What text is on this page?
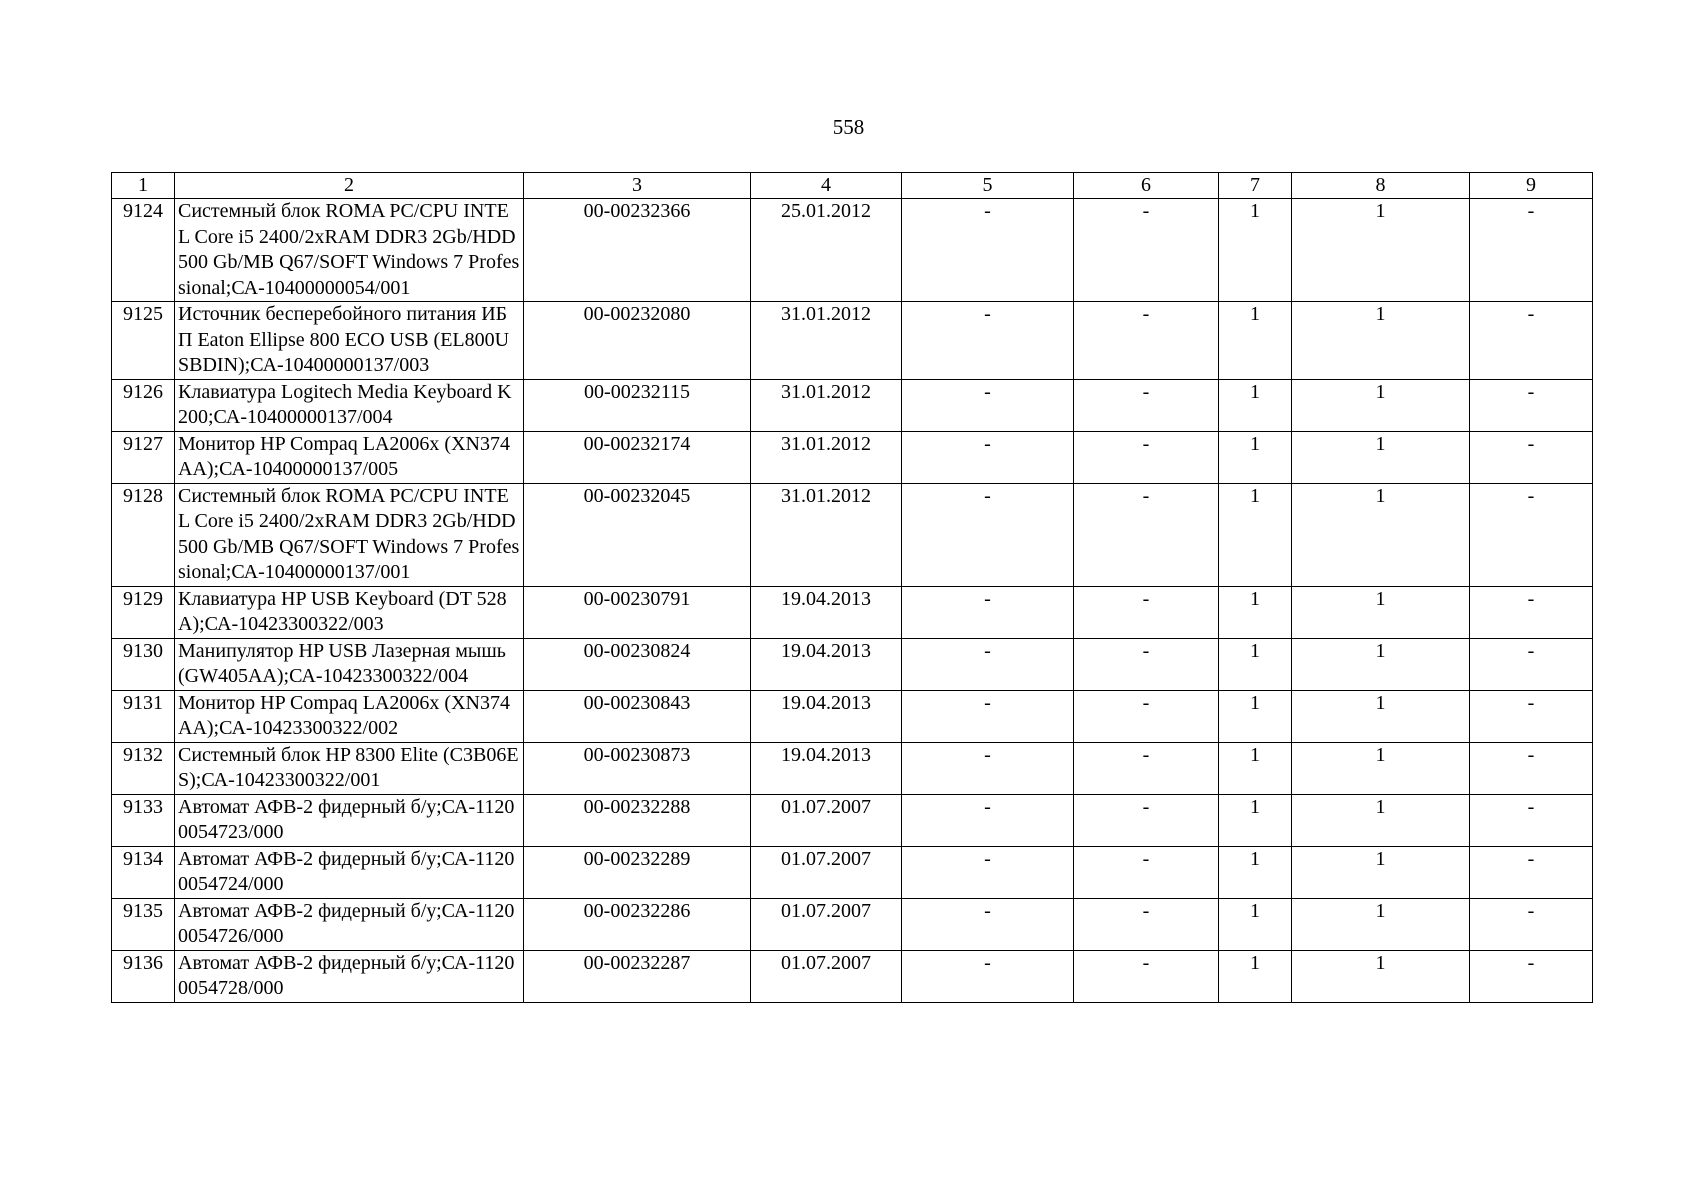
558
1	2	3	4	5	6	7	8	9
9124	Системный блок ROMA PC/CPU INTEL Core i5 2400/2xRAM DDR3 2Gb/HDD 500 Gb/MB Q67/SOFT Windows 7 Professional;СА-10400000054/001	00-00232366	25.01.2012	-	-	1	1	-
9125	Источник бесперебойного питания ИБП Eaton Ellipse 800 ECO USB (EL800USBDIN);СА-10400000137/003	00-00232080	31.01.2012	-	-	1	1	-
9126	Клавиатура Logitech Media Keyboard K200;СА-10400000137/004	00-00232115	31.01.2012	-	-	1	1	-
9127	Монитор HP Compaq LA2006x (XN374AA);СА-10400000137/005	00-00232174	31.01.2012	-	-	1	1	-
9128	Системный блок ROMA PC/CPU INTEL Core i5 2400/2xRAM DDR3 2Gb/HDD 500 Gb/MB Q67/SOFT Windows 7 Professional;СА-10400000137/001	00-00232045	31.01.2012	-	-	1	1	-
9129	Клавиатура HP USB Keyboard (DT 528A);СА-10423300322/003	00-00230791	19.04.2013	-	-	1	1	-
9130	Манипулятор HP USB Лазерная мышь (GW405AA);СА-10423300322/004	00-00230824	19.04.2013	-	-	1	1	-
9131	Монитор HP Compaq LA2006x (XN374AA);СА-10423300322/002	00-00230843	19.04.2013	-	-	1	1	-
9132	Системный блок HP 8300 Elite (C3B06ES);СА-10423300322/001	00-00230873	19.04.2013	-	-	1	1	-
9133	Автомат АФВ-2 фидерный б/у;СА-11200054723/000	00-00232288	01.07.2007	-	-	1	1	-
9134	Автомат АФВ-2 фидерный б/у;СА-11200054724/000	00-00232289	01.07.2007	-	-	1	1	-
9135	Автомат АФВ-2 фидерный б/у;СА-11200054726/000	00-00232286	01.07.2007	-	-	1	1	-
9136	Автомат АФВ-2 фидерный б/у;СА-11200054728/000	00-00232287	01.07.2007	-	-	1	1	-
